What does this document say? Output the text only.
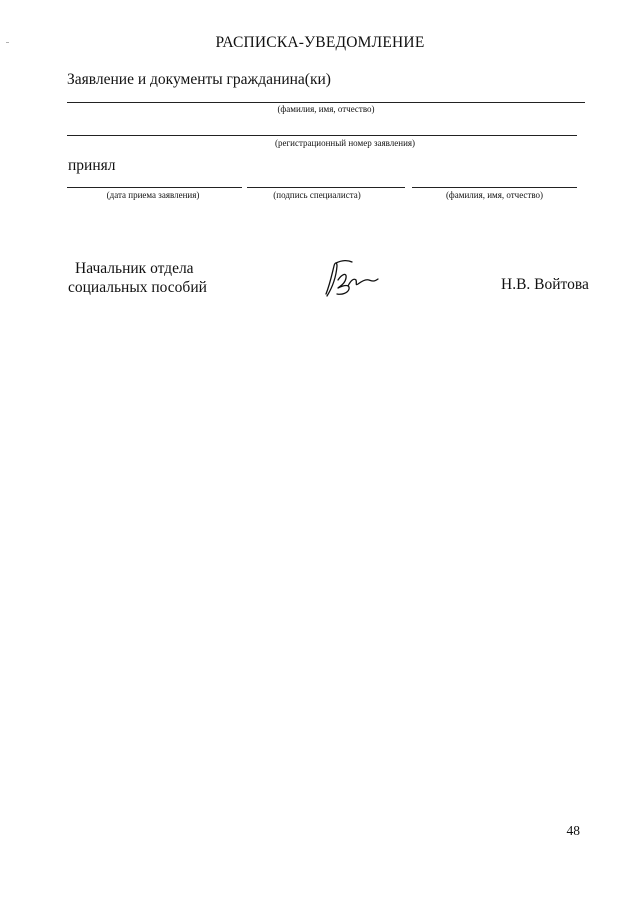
РАСПИСКА-УВЕДОМЛЕНИЕ
Заявление и документы гражданина(ки)
(фамилия, имя, отчество)
(регистрационный номер заявления)
принял
(дата приема заявления)	(подпись специалиста)	(фамилия, имя, отчество)
Начальник отдела
социальных пособий	Н.В. Войтова
48
